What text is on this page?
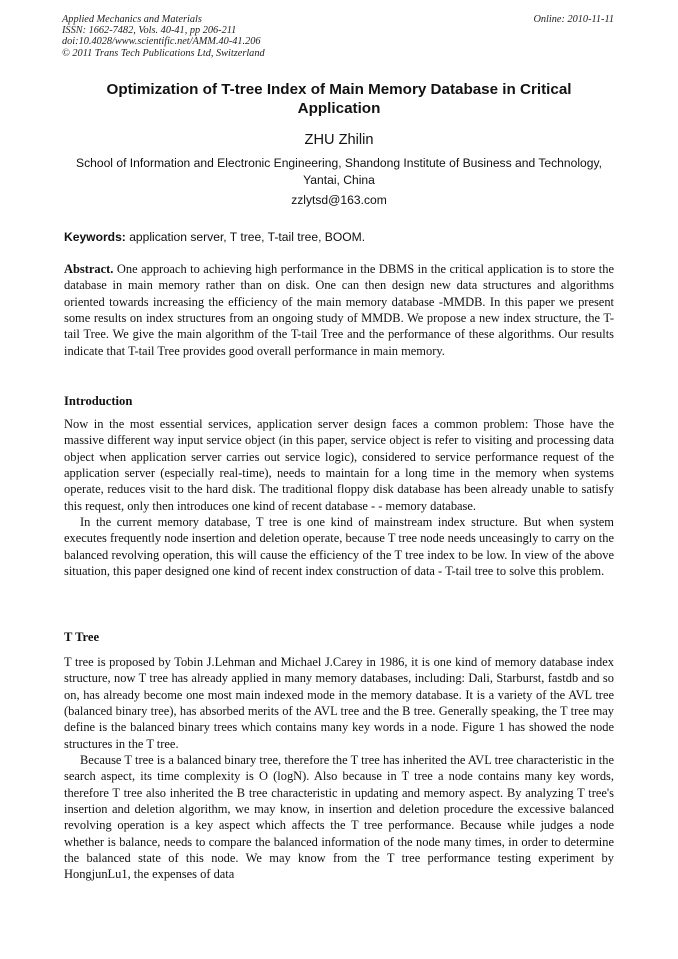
Applied Mechanics and Materials
ISSN: 1662-7482, Vols. 40-41, pp 206-211
doi:10.4028/www.scientific.net/AMM.40-41.206
© 2011 Trans Tech Publications Ltd, Switzerland
Online: 2010-11-11
Optimization of T-tree Index of Main Memory Database in Critical Application
ZHU Zhilin
School of Information and Electronic Engineering, Shandong Institute of Business and Technology, Yantai, China
zzlytsd@163.com
Keywords: application server, T tree, T-tail tree, BOOM.

Abstract. One approach to achieving high performance in the DBMS in the critical application is to store the database in main memory rather than on disk. One can then design new data structures and algorithms oriented towards increasing the efficiency of the main memory database -MMDB. In this paper we present some results on index structures from an ongoing study of MMDB. We propose a new index structure, the T-tail Tree. We give the main algorithm of the T-tail Tree and the performance of these algorithms. Our results indicate that T-tail Tree provides good overall performance in main memory.

Introduction

Now in the most essential services, application server design faces a common problem: Those have the massive different way input service object (in this paper, service object is refer to visiting and processing data object when application server carries out service logic), considered to service performance request of the application server (especially real-time), needs to maintain for a long time in the memory when systems operate, reduces visit to the hard disk. The traditional floppy disk database has been already unable to satisfy this request, only then introduces one kind of recent database - - memory database.

In the current memory database, T tree is one kind of mainstream index structure. But when system executes frequently node insertion and deletion operate, because T tree node needs unceasingly to carry on the balanced revolving operation, this will cause the efficiency of the T tree index to be low. In view of the above situation, this paper designed one kind of recent index construction of data - T-tail tree to solve this problem.

T Tree

T tree is proposed by Tobin J.Lehman and Michael J.Carey in 1986, it is one kind of memory database index structure, now T tree has already applied in many memory databases, including: Dali, Starburst, fastdb and so on, has already become one most main indexed mode in the memory database. It is a variety of the AVL tree (balanced binary tree), has absorbed merits of the AVL tree and the B tree. Generally speaking, the T tree may define is the balanced binary trees which contains many key words in a node. Figure 1 has showed the node structures in the T tree.

Because T tree is a balanced binary tree, therefore the T tree has inherited the AVL tree characteristic in the search aspect, its time complexity is O (logN). Also because in T tree a node contains many key words, therefore T tree also inherited the B tree characteristic in updating and memory aspect. By analyzing T tree's insertion and deletion algorithm, we may know, in insertion and deletion procedure the excessive balanced revolving operation is a key aspect which affects the T tree performance. Because while judges a node whether is balance, needs to compare the balanced information of the node many times, in order to determine the balanced state of this node. We may know from the T tree performance testing experiment by HongjunLu1, the expenses of data
